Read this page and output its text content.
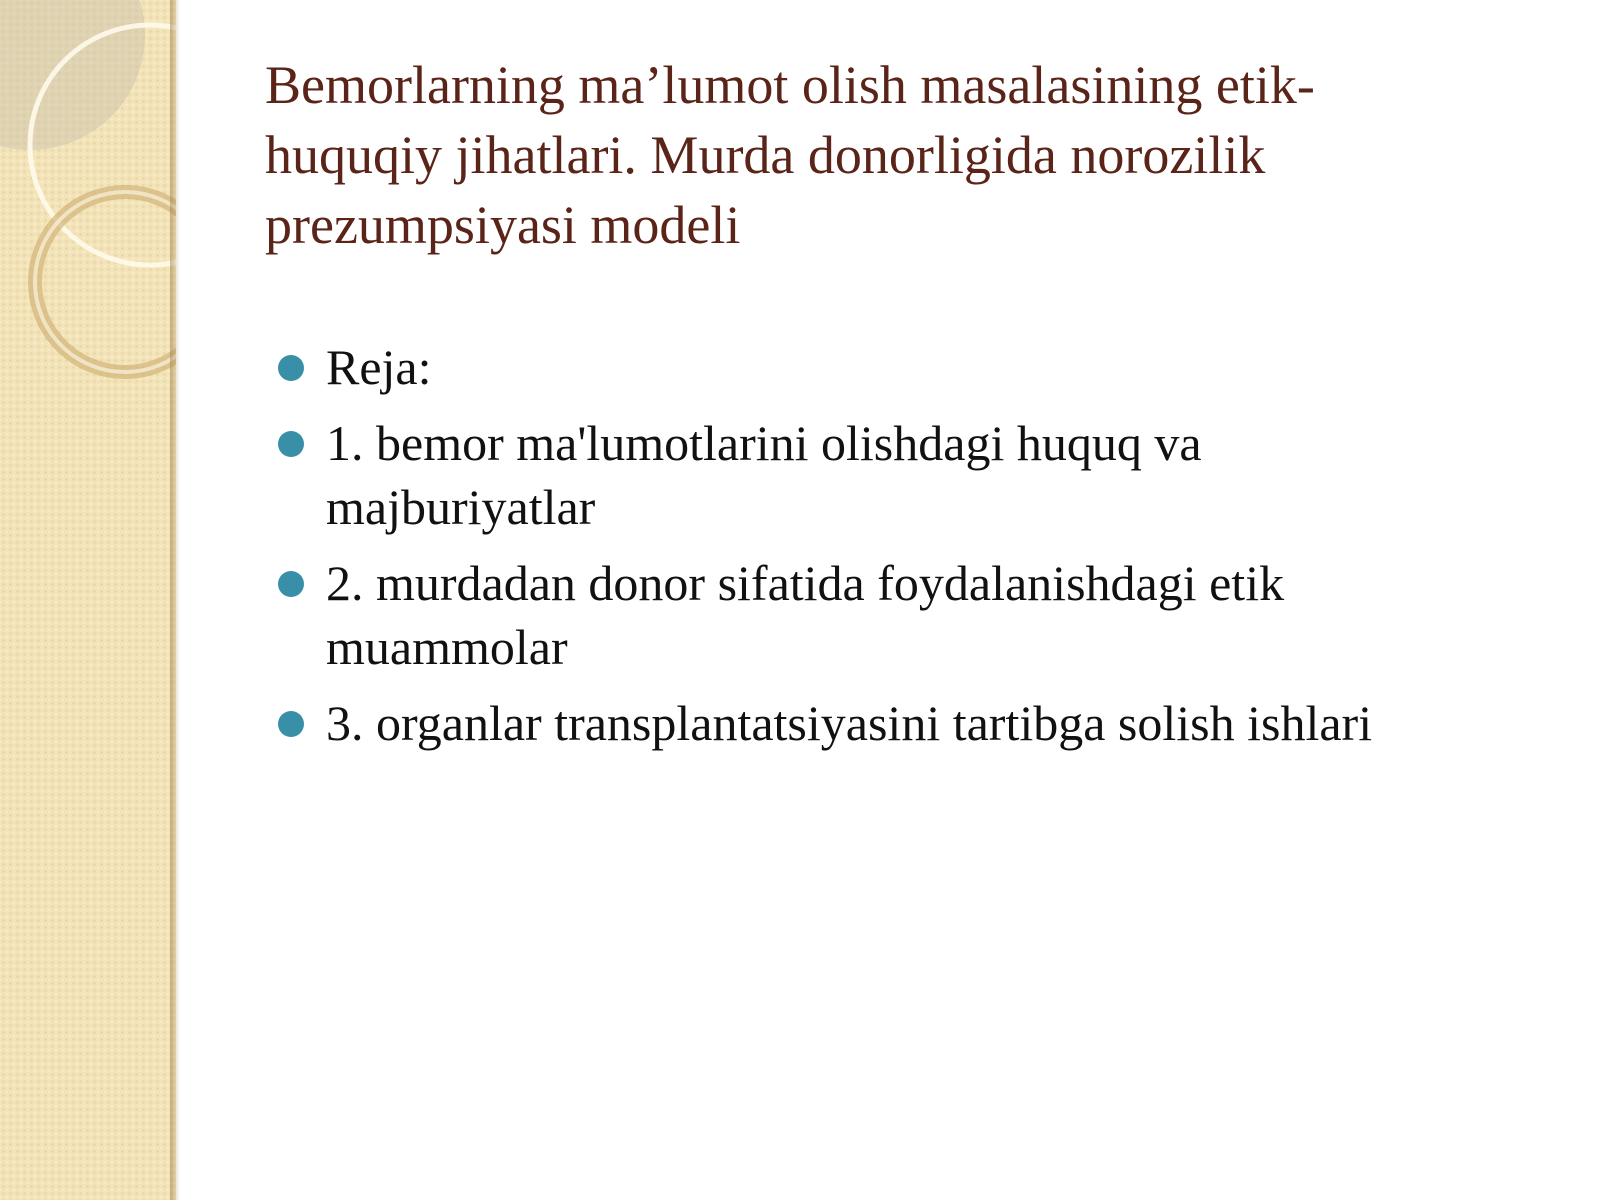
Bemorlarning ma’lumot olish masalasining etik-huquqiy jihatlari. Murda donorligida norozilik prezumpsiyasi modeli
Reja:
1. bemor ma'lumotlarini olishdagi huquq va majburiyatlar
2. murdadan donor sifatida foydalanishdagi etik muammolar
3. organlar transplantatsiyasini tartibga solish ishlari
